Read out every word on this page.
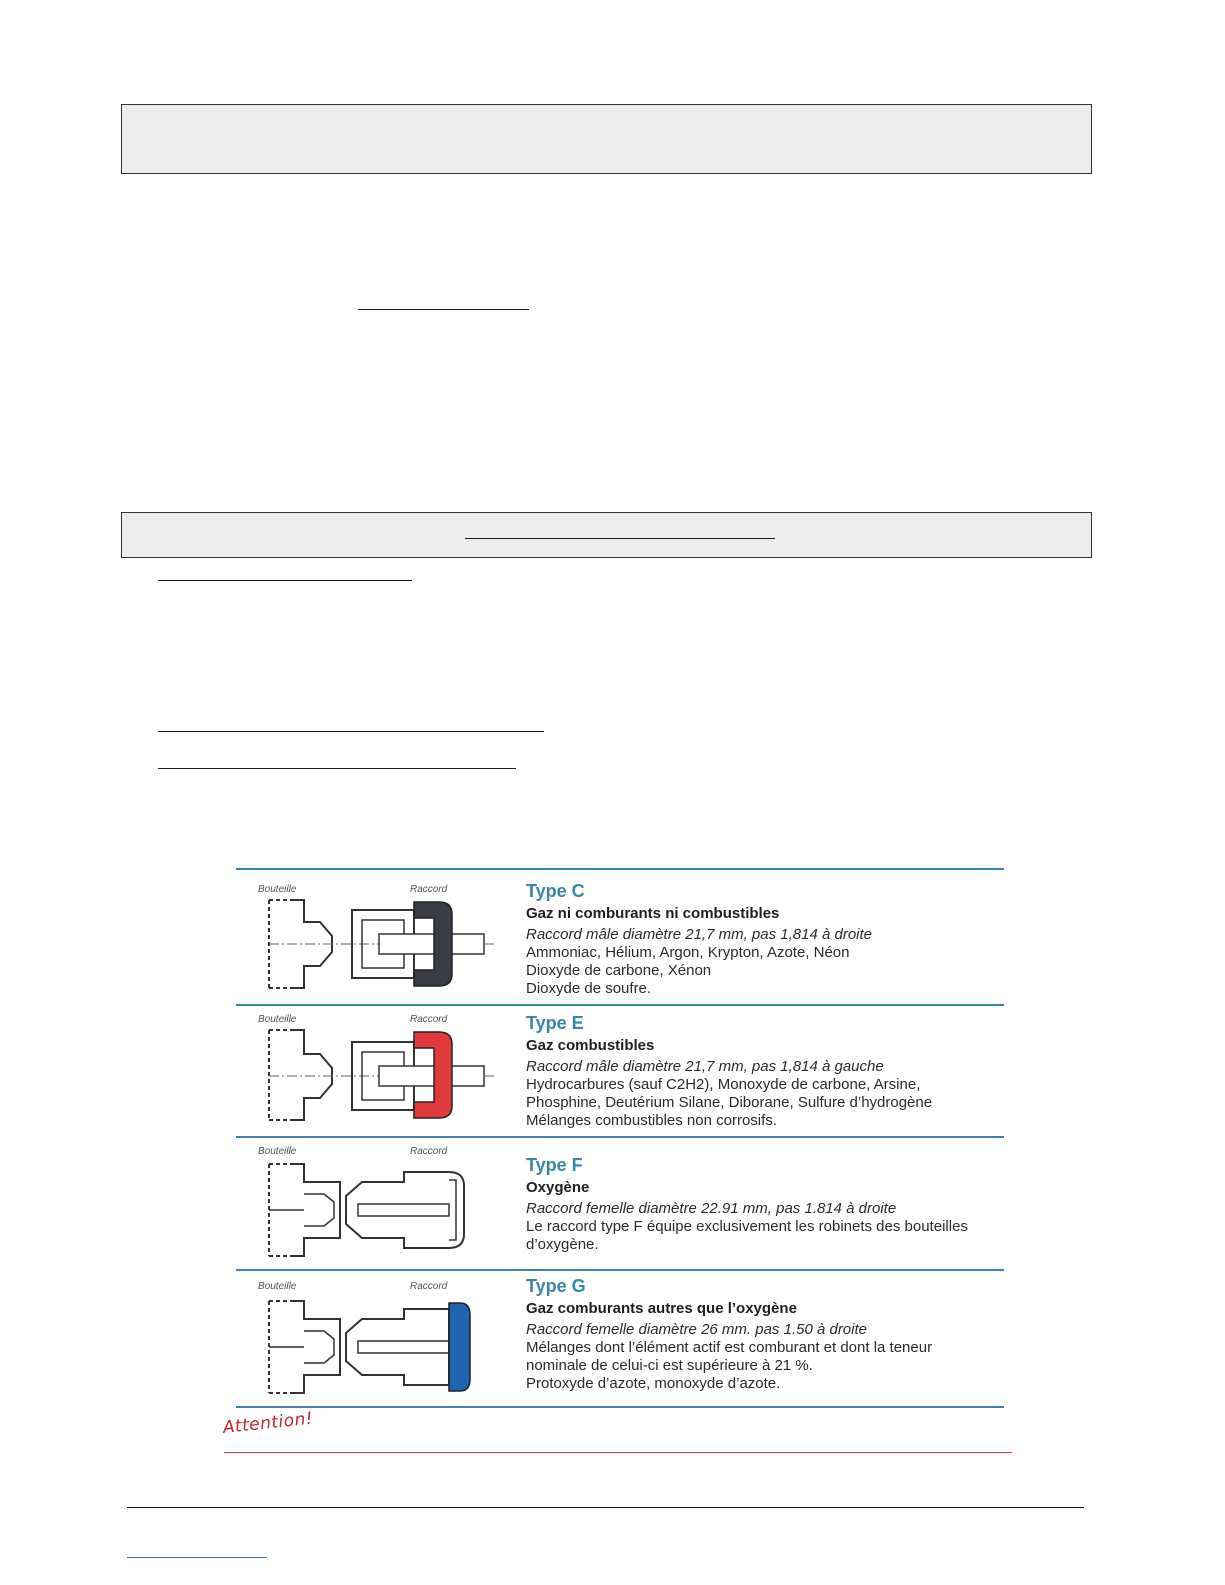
Bouteille	Raccord	Type C

Gaz ni comburants ni combustibles

Raccord mâle diamètre 21,7 mm, pas 1,814 à droite
Ammoniac, Hélium, Argon, Krypton, Azote, Néon
Dioxyde de carbone, Xénon
Dioxyde de soufre.
Bouteille	Raccord	Type E

Gaz combustibles

Raccord mâle diamètre 21,7 mm, pas 1,814 à gauche
Hydrocarbures (sauf C2H2), Monoxyde de carbone, Arsine,
Phosphine, Deutérium Silane, Diborane, Sulfure d’hydrogène
Mélanges combustibles non corrosifs.
Bouteille	Raccord

Type F

Oxygène

Raccord femelle diamètre 22.91 mm, pas 1.814 à droite
Le raccord type F équipe exclusivement les robinets des bouteilles
d’oxygène.
Bouteille	Raccord	Type G

Gaz comburants autres que l’oxygène

Raccord femelle diamètre 26 mm. pas 1.50 à droite
Mélanges dont l’élément actif est comburant et dont la teneur
nominale de celui-ci est supérieure à 21 %.
Protoxyde d’azote, monoxyde d’azote.
Attention!
